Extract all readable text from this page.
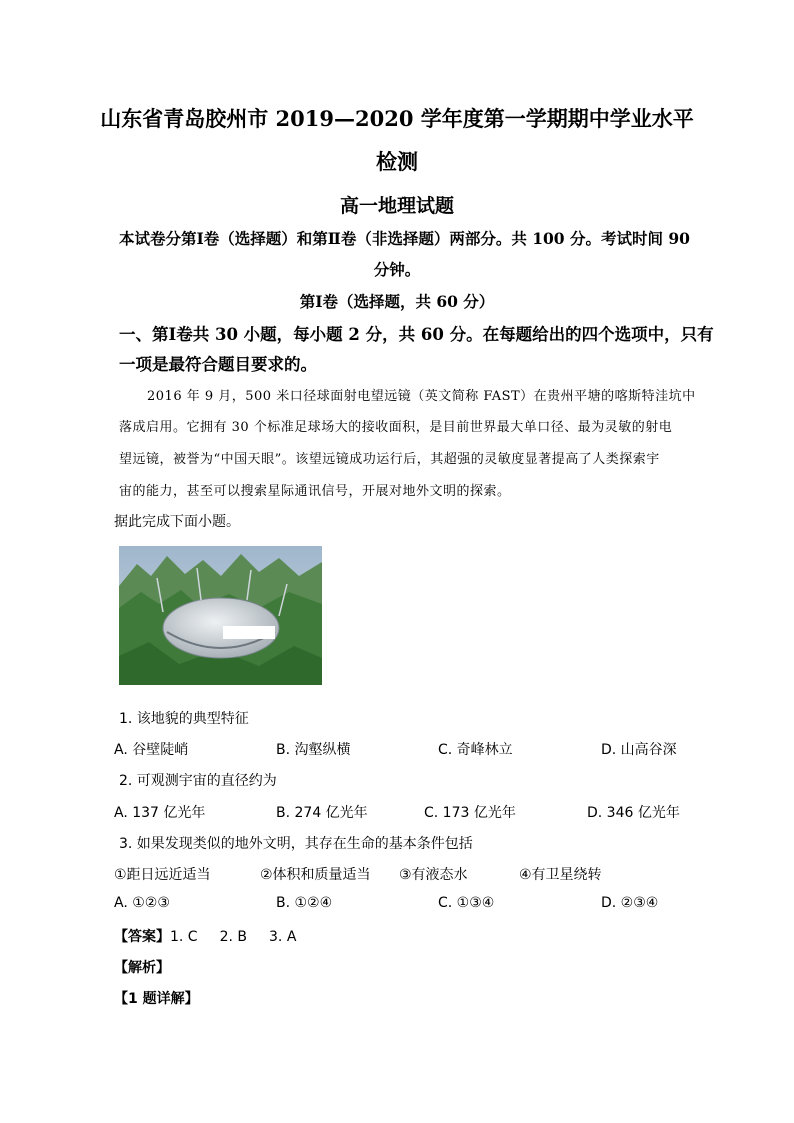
山东省青岛胶州市 2019—2020 学年度第一学期期中学业水平
检测
高一地理试题
本试卷分第Ⅰ卷（选择题）和第Ⅱ卷（非选择题）两部分。共 100 分。考试时间 90
分钟。
第Ⅰ卷（选择题，共 60 分）
一、第Ⅰ卷共 30 小题，每小题 2 分，共 60 分。在每题给出的四个选项中，只有
一项是最符合题目要求的。
2016 年 9 月，500 米口径球面射电望远镜（英文简称 FAST）在贵州平塘的喀斯特洼坑中
落成启用。它拥有 30 个标准足球场大的接收面积，是目前世界最大单口径、最为灵敏的射电
望远镜，被誉为“中国天眼”。该望远镜成功运行后，其超强的灵敏度显著提高了人类探索宇
宙的能力，甚至可以搜索星际通讯信号，开展对地外文明的探索。
据此完成下面小题。
1. 该地貌的典型特征
A. 谷壁陡峭	B. 沟壑纵横	C. 奇峰林立	D. 山高谷深
2. 可观测宇宙的直径约为
A. 137 亿光年	B. 274 亿光年	C. 173 亿光年	D. 346 亿光年
3. 如果发现类似的地外文明，其存在生命的基本条件包括
①距日远近适当	②体积和质量适当 ③有液态水	④有卫星绕转
A. ①②③	B. ①②④	C. ①③④	D. ②③④
【答案】1. C 2. B 3. A
【解析】
【1 题详解】
